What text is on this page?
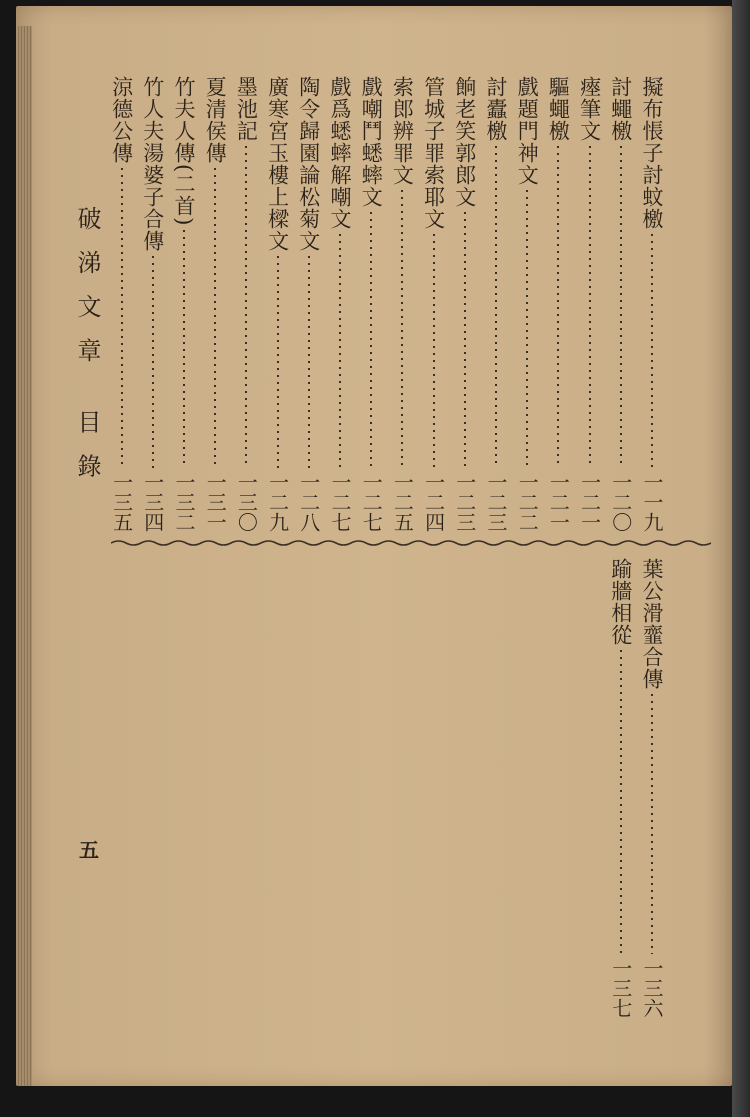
擬布悵子討蚊檄
一一九
討蠅檄
一二〇
瘞筆文
一二一
驅蠅檄
一二一
戲題門神文
一二二
討蠹檄
一二三
餉老笑郭郎文
一二三
管城子罪索耶文
一二四
索郎辨罪文
一二五
戲嘲鬥蟋蟀文
一二七
戲爲蟋蟀解嘲文
一二七
陶令歸園論松菊文
一二八
廣寒宮玉樓上樑文
一二九
墨池記
一三〇
夏清侯傳
一三一
竹夫人傳(二首)
一三二
竹人夫湯婆子合傳
一三四
涼德公傳
一三五
葉公滑韲合傳
一三六
踰牆相從
一三七
破涕文章 目錄
五
